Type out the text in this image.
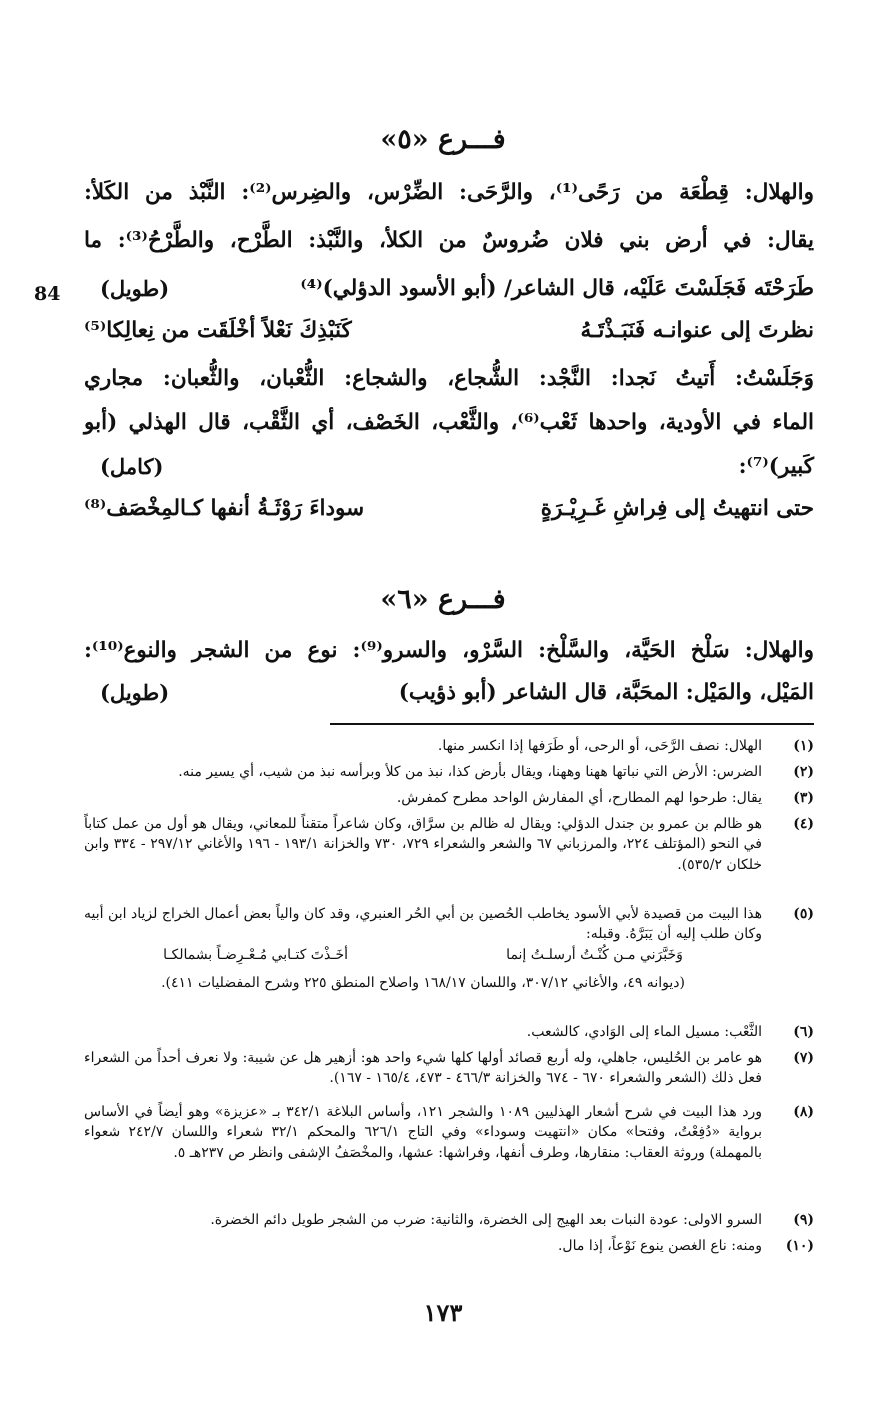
فـــرع «٥»
والهلال: قِطْعَة من رَحًى⁽¹⁾، والرَّحَى: الضِّرْس، والضِرس⁽²⁾: النَّبْذ من الكَلأ:
يقال: في أرض بني فلان ضُروسٌ من الكلأ، والنَّبْذ: الطَّرْح، والطَّرْحُ⁽³⁾: ما
طَرَحْتَه فَجَلَسْتَ عَلَيْه، قال الشاعر/ (أبو الأسود الدؤلي)⁽⁴⁾
(طويل)
84
نظرتَ إلى عنوانـه فَنَبَـذْتَـهُ
كَنَبْذِكَ نَعْلاً أخْلَقَت من نِعالِكا⁽⁵⁾
وَجَلَسْتُ: أَتيتُ نَجدا: النَّجْد: الشُّجاع، والشجاع: الثُّعْبان، والثُّعبان: مجاري
الماء في الأودية، واحدها ثَعْب⁽⁶⁾، والثَّعْب، الخَصْف، أي الثَّقْب، قال الهذلي (أبو
كَبير)⁽⁷⁾:
(كامل)
حتى انتهيتُ إلى فِراشِ غَـرِيْـرَةٍ
سوداءَ رَوْثَـةُ أنفها كـالمِخْصَف⁽⁸⁾
فـــرع «٦»
والهلال: سَلْخ الحَيَّة، والسَّلْخ: السَّرْو، والسرو⁽⁹⁾: نوع من الشجر والنوع⁽¹⁰⁾:
المَيْل، والمَيْل: المحَبَّة، قال الشاعر (أبو ذؤيب)
(طويل)
(١)
الهلال: نصف الرَّحَى، أو الرحى، أو طَرَفها إذا انكسر منها.
(٢)
الضرس: الأرض التي نباتها ههنا وههنا، ويقال بأرض كذا، نبذ من كلأ وبرأسه نبذ من شيب، أي يسير منه.
(٣)
يقال: طرحوا لهم المطارح، أي المفارش الواحد مطرح كمفرش.
(٤)
هو ظالم بن عمرو بن جندل الدؤلي: ويقال له ظالم بن سرَّاق، وكان شاعراً متقناً للمعاني، ويقال هو أول من عمل كتاباً في النحو (المؤتلف ٢٢٤، والمرزباني ٦٧ والشعر والشعراء ٧٢٩، ٧٣٠ والخزانة ١٩٣/١ - ١٩٦ والأغاني ٢٩٧/١٢ - ٣٣٤ وابن خلكان ٥٣٥/٢).
(٥)
هذا البيت من قصيدة لأبي الأسود يخاطب الحُصين بن أبي الحُر العنبري، وقد كان والياً بعض أعمال الخراج لزياد ابن أبيه وكان طلب إليه أن يَبَرَّهُ. وقبله:
وَخَبَّرَني مـن كُنْـتُ أرسلـتُ إنما
أخَـذْتَ كتـابي مُـعْـرِضـاً بشمالكـا
(ديوانه ٤٩، والأغاني ٣٠٧/١٢، واللسان ١٦٨/١٧ واصلاح المنطق ٢٢٥ وشرح المفضليات ٤١١).
(٦)
الثَّعْب: مسيل الماء إلى الوَادي، كالشعب.
(٧)
هو عامر بن الحُليس، جاهلي، وله أربع قصائد أولها كلها شيء واحد هو: أزهير هل عن شيبة: ولا نعرف أحداً من الشعراء فعل ذلك (الشعر والشعراء ٦٧٠ - ٦٧٤ والخزانة ٤٦٦/٣ - ٤٧٣، ١٦٥/٤ - ١٦٧).
(٨)
ورد هذا البيت في شرح أشعار الهذليين ١٠٨٩ والشجر ١٢١، وأساس البلاغة ٣٤٢/١ بـ «عزيزة» وهو أيضاً في الأساس برواية «دُفِعْتُ، وفتحا» مكان «انتهيت وسوداء» وفي التاج ٦٢٦/١ والمحكم ٣٢/١ شعراء واللسان ٢٤٢/٧ شعواء بالمهملة) وروثة العقاب: منقارها، وطرف أنفها، وفراشها: عشها، والمخْصَفُ الإشفى وانظر ص ٢٣٧هـ ٥.
(٩)
السرو الاولى: عودة النبات بعد الهيج إلى الخضرة، والثانية: ضرب من الشجر طويل دائم الخضرة.
(١٠)
ومنه: ناع الغصن ينوع نَوْعاً، إذا مال.
١٧٣
